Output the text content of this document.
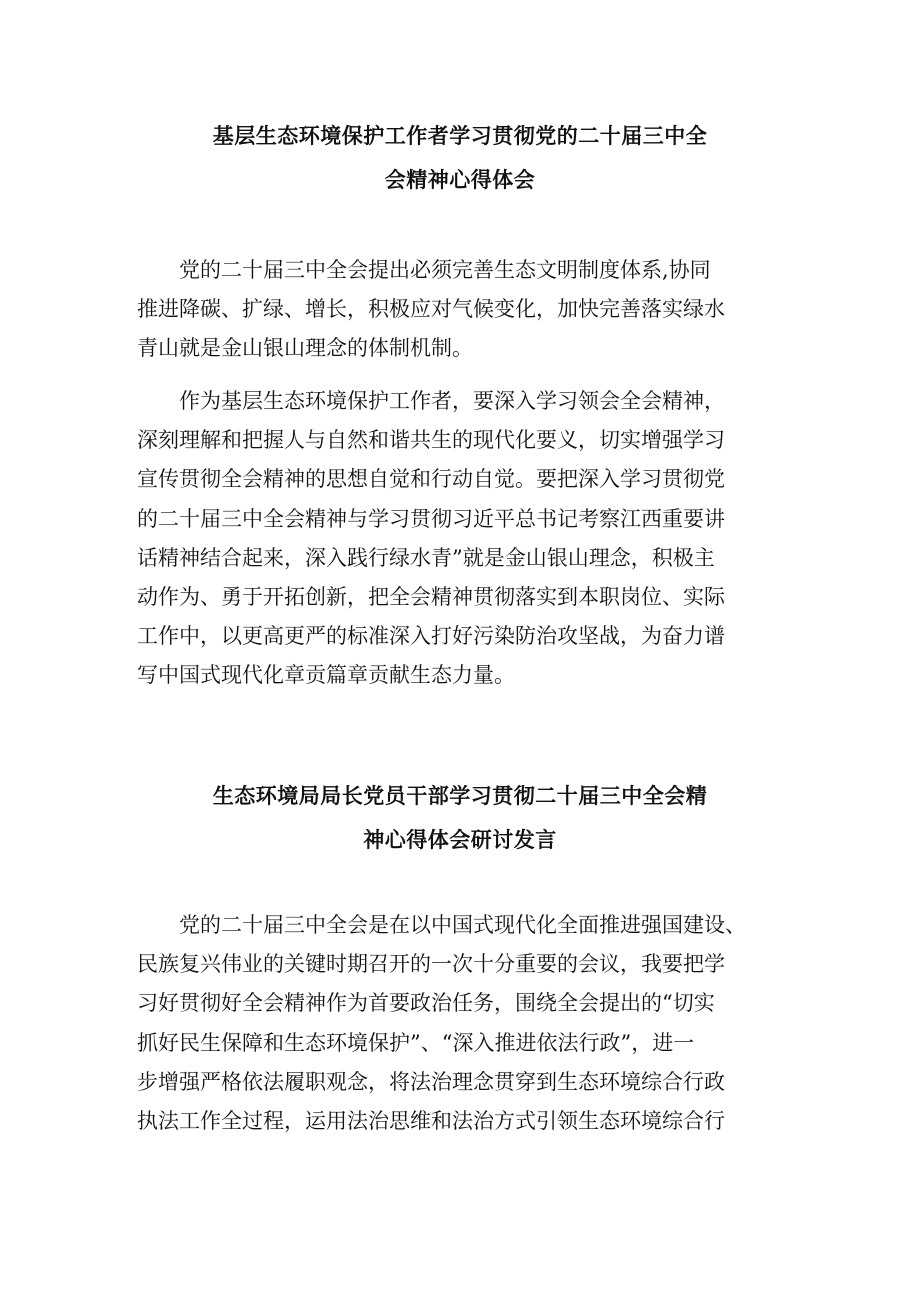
基层生态环境保护工作者学习贯彻党的二十届三中全
会精神心得体会
党的二十届三中全会提出必须完善生态文明制度体系,协同
推进降碳、扩绿、增长，积极应对气候变化，加快完善落实绿水
青山就是金山银山理念的体制机制。
作为基层生态环境保护工作者，要深入学习领会全会精神，
深刻理解和把握人与自然和谐共生的现代化要义，切实增强学习
宣传贯彻全会精神的思想自觉和行动自觉。要把深入学习贯彻党
的二十届三中全会精神与学习贯彻习近平总书记考察江西重要讲
话精神结合起来，深入践行绿水青”就是金山银山理念，积极主
动作为、勇于开拓创新，把全会精神贯彻落实到本职岗位、实际
工作中，以更高更严的标准深入打好污染防治攻坚战，为奋力谱
写中国式现代化章贡篇章贡献生态力量。
生态环境局局长党员干部学习贯彻二十届三中全会精
神心得体会研讨发言
党的二十届三中全会是在以中国式现代化全面推进强国建设、
民族复兴伟业的关键时期召开的一次十分重要的会议，我要把学
习好贯彻好全会精神作为首要政治任务，围绕全会提出的“切实
抓好民生保障和生态环境保护”、“深入推进依法行政”，进一
步增强严格依法履职观念，将法治理念贯穿到生态环境综合行政
执法工作全过程，运用法治思维和法治方式引领生态环境综合行
